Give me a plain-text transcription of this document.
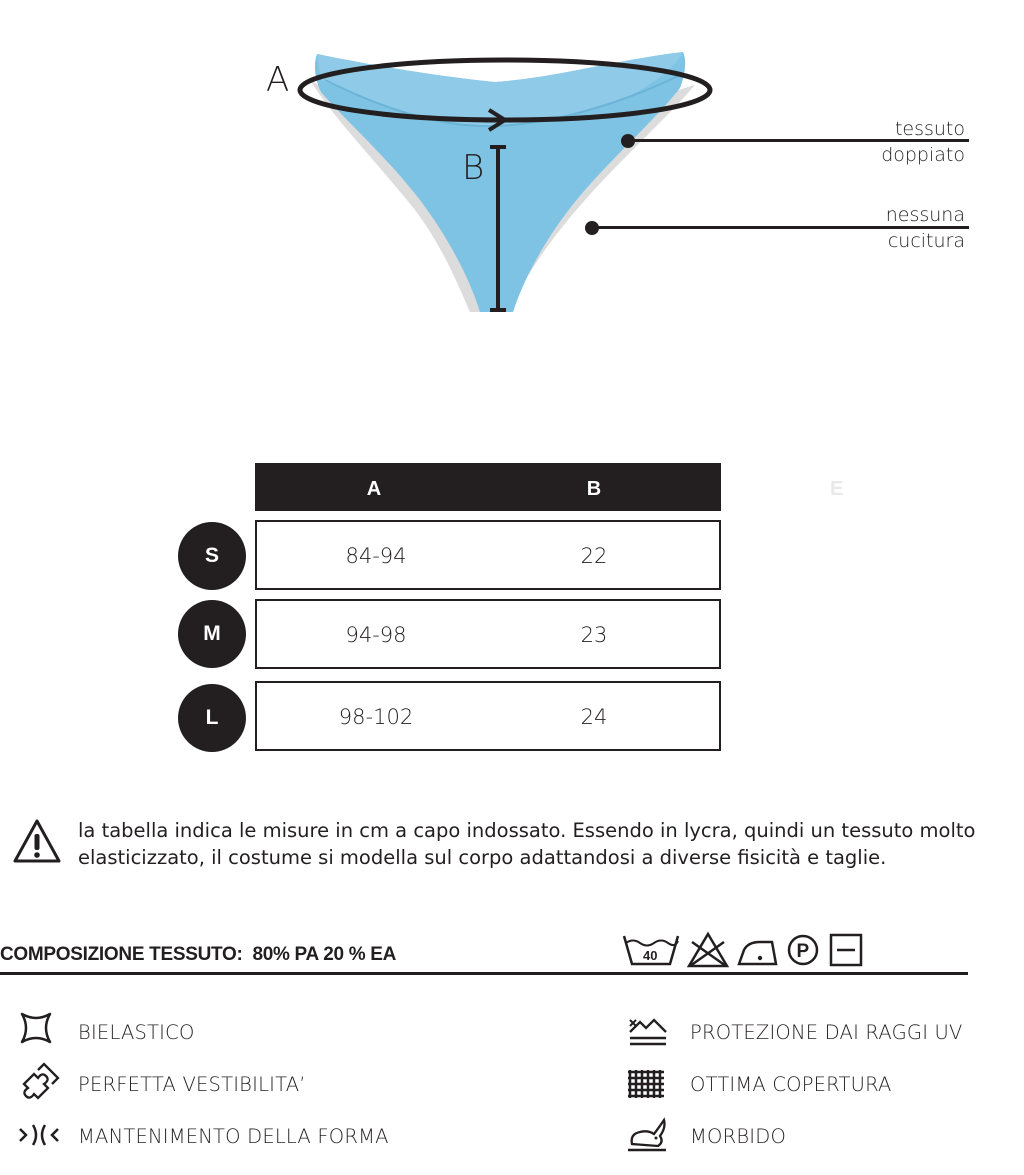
A
B
tessuto
doppiato
nessuna
cucitura
A	B	E
S	84-94	22
M	94-98	23
L	98-102	24
la tabella indica le misure in cm a capo indossato. Essendo in lycra, quindi un tessuto molto elasticizzato, il costume si modella sul corpo adattandosi a diverse fisicità e taglie.
COMPOSIZIONE TESSUTO: 80% PA 20 % EA	40	P
BIELASTICO
PERFETTA VESTIBILITA’
MANTENIMENTO DELLA FORMA
PROTEZIONE DAI RAGGI UV
OTTIMA COPERTURA
MORBIDO
